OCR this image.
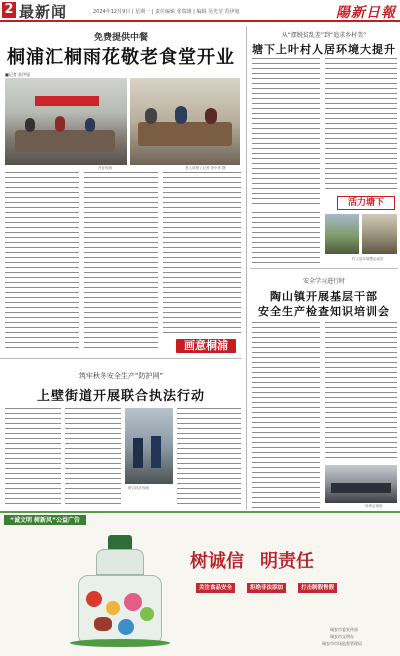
2 最新闻	2024年12月9日 | 星期一 | 责任编辑 张瑞雄 | 编辑 吴光莹 苏伊旭	陽新日報
免费提供中餐
桐浦汇桐雨花敬老食堂开业
■记者 苏伊旭
开业现场	老人用餐 / 记者 李小孝 摄
画意桐浦
筑牢秋冬安全生产“防护网”
上壁街道开展联合执法行动
联合执法现场
从“摆脱贫乱差”到“追求乡村美”
塘下上叶村人居环境大提升
活力塘下
村人居环境整治成效
安全学习进行时
陶山镇开展基层干部
安全生产检查知识培训会
培训会现场
“诚文明 树新风”公益广告
树诚信 明责任
关注食品安全	拒绝非法添加	打击制假售假
瑞安市委宣传部
瑞安市文明办
瑞安市市场监督管理局
